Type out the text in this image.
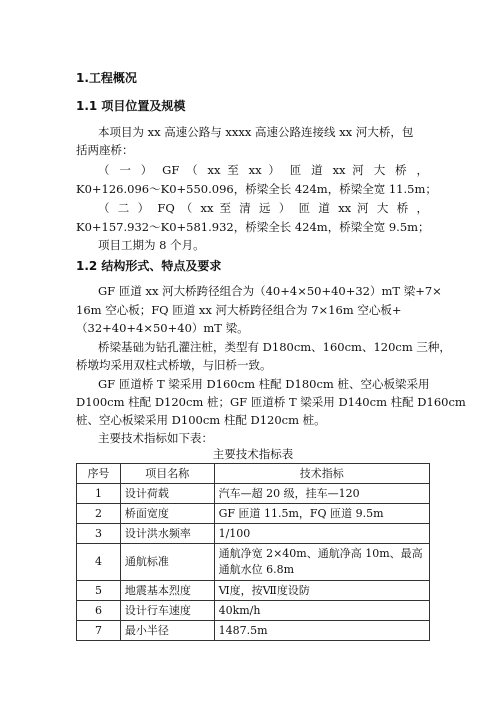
1.工程概况
1.1 项目位置及规模
本项目为 xx 高速公路与 xxxx 高速公路连接线 xx 河大桥，包
括两座桥：
（ 一 ） GF （ xx 至 xx ） 匝 道 xx 河 大 桥 ，
K0+126.096～K0+550.096，桥梁全长 424m，桥梁全宽 11.5m；
（ 二 ） FQ （ xx 至 清 远 ） 匝 道 xx 河 大 桥 ，
K0+157.932～K0+581.932，桥梁全长 424m，桥梁全宽 9.5m；
项目工期为 8 个月。
1.2 结构形式、特点及要求
GF 匝道 xx 河大桥跨径组合为（40+4×50+40+32）mT 梁+7×
16m 空心板；FQ 匝道 xx 河大桥跨径组合为 7×16m 空心板+
（32+40+4×50+40）mT 梁。
桥梁基础为钻孔灌注桩，类型有 D180cm、160cm、120cm 三种，
桥墩均采用双柱式桥墩，与旧桥一致。
GF 匝道桥 T 梁采用 D160cm 柱配 D180cm 桩、空心板梁采用
D100cm 柱配 D120cm 桩；GF 匝道桥 T 梁采用 D140cm 柱配 D160cm
桩、空心板梁采用 D100cm 柱配 D120cm 桩。
主要技术指标如下表：
主要技术指标表
序号	项目名称	技术指标
1	设计荷载	汽车—超 20 级，挂车—120
2	桥面宽度	GF 匝道 11.5m，FQ 匝道 9.5m
3	设计洪水频率	1/100
4	通航标准	通航净宽 2×40m、通航净高 10m、最高
通航水位 6.8m

5	地震基本烈度	Ⅵ度，按Ⅶ度设防
6	设计行车速度	40km/h
7	最小半径	1487.5m
